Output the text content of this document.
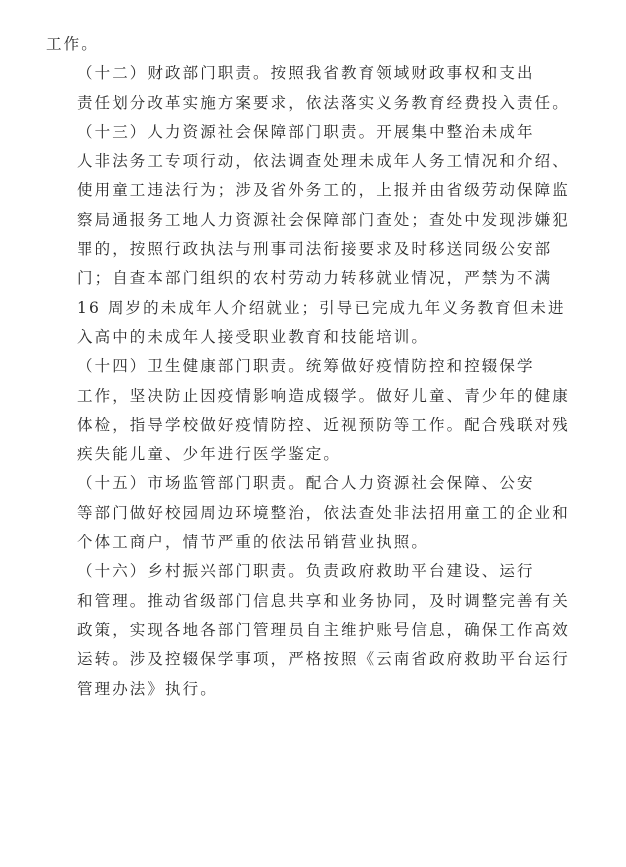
工作。

（十二）财政部门职责。按照我省教育领域财政事权和支出
责任划分改革实施方案要求，依法落实义务教育经费投入责任。

（十三）人力资源社会保障部门职责。开展集中整治未成年
人非法务工专项行动，依法调查处理未成年人务工情况和介绍、
使用童工违法行为；涉及省外务工的，上报并由省级劳动保障监
察局通报务工地人力资源社会保障部门查处；查处中发现涉嫌犯
罪的，按照行政执法与刑事司法衔接要求及时移送同级公安部
门；自查本部门组织的农村劳动力转移就业情况，严禁为不满
16 周岁的未成年人介绍就业；引导已完成九年义务教育但未进
入高中的未成年人接受职业教育和技能培训。

（十四）卫生健康部门职责。统筹做好疫情防控和控辍保学
工作，坚决防止因疫情影响造成辍学。做好儿童、青少年的健康
体检，指导学校做好疫情防控、近视预防等工作。配合残联对残
疾失能儿童、少年进行医学鉴定。

（十五）市场监管部门职责。配合人力资源社会保障、公安
等部门做好校园周边环境整治，依法查处非法招用童工的企业和
个体工商户，情节严重的依法吊销营业执照。

（十六）乡村振兴部门职责。负责政府救助平台建设、运行
和管理。推动省级部门信息共享和业务协同，及时调整完善有关
政策，实现各地各部门管理员自主维护账号信息，确保工作高效
运转。涉及控辍保学事项，严格按照《云南省政府救助平台运行
管理办法》执行。
